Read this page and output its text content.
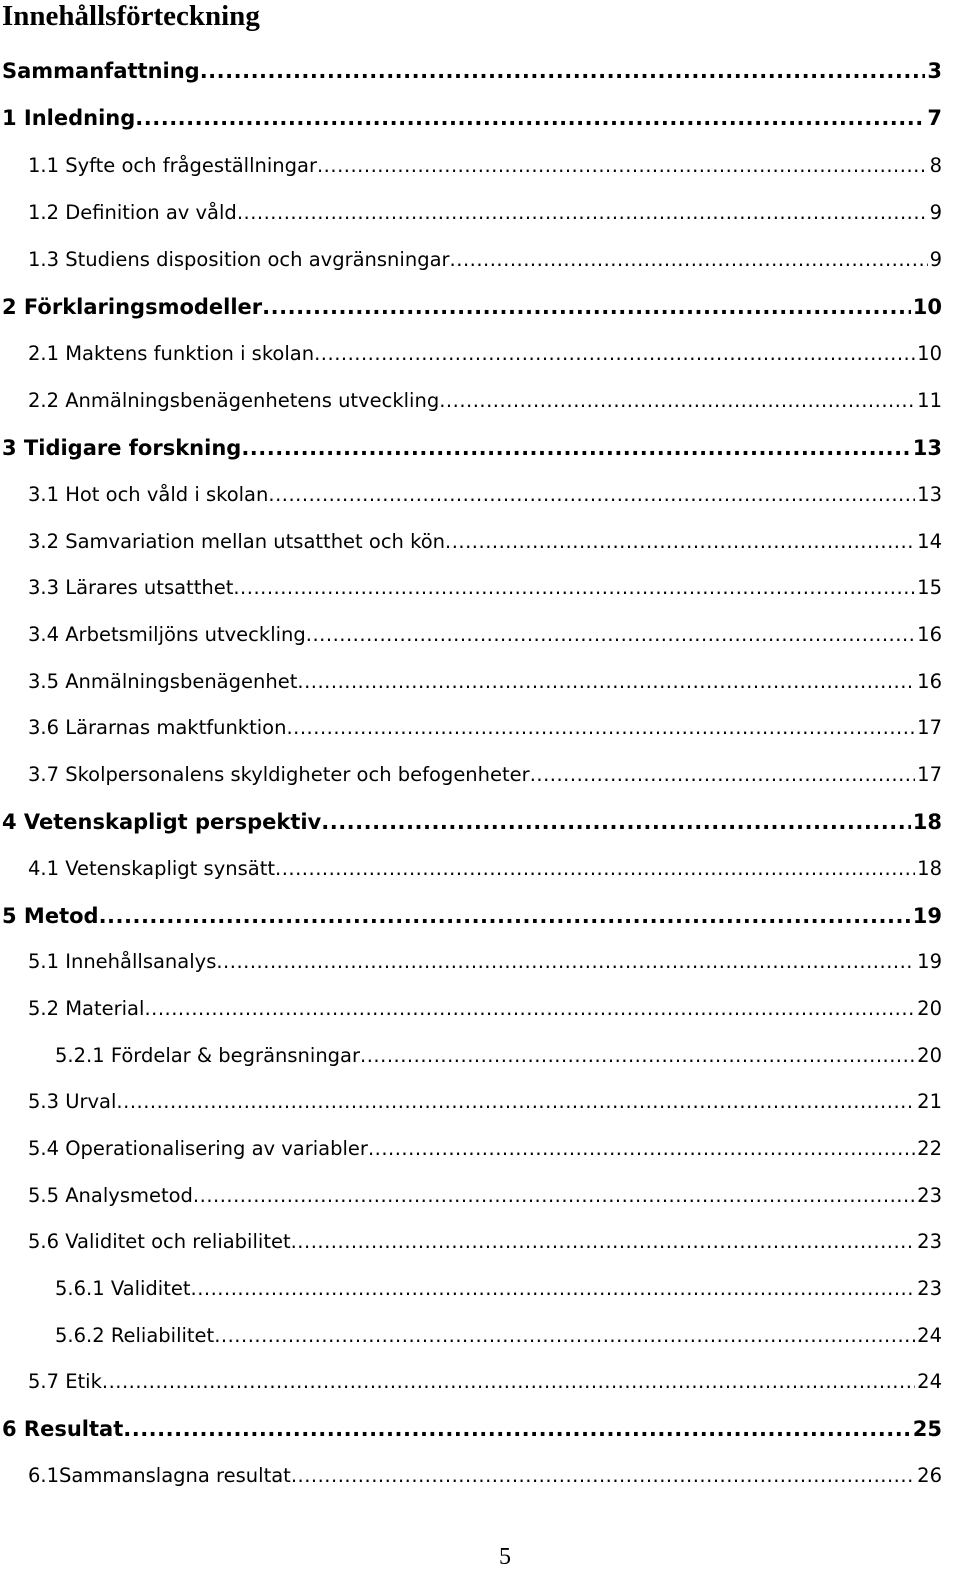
Innehållsförteckning
Sammanfattning .....	3
1 Inledning .....	7
1.1 Syfte och frågeställningar .....	8
1.2 Definition av våld .....	9
1.3 Studiens disposition och avgränsningar .....	9
2 Förklaringsmodeller .....	10
2.1 Maktens funktion i skolan .....	10
2.2 Anmälningsbenägenhetens utveckling .....	11
3 Tidigare forskning .....	13
3.1 Hot och våld i skolan .....	13
3.2 Samvariation mellan utsatthet och kön .....	14
3.3 Lärares utsatthet .....	15
3.4 Arbetsmiljöns utveckling .....	16
3.5 Anmälningsbenägenhet .....	16
3.6 Lärarnas maktfunktion .....	17
3.7 Skolpersonalens skyldigheter och befogenheter .....	17
4 Vetenskapligt perspektiv .....	18
4.1 Vetenskapligt synsätt .....	18
5 Metod .....	19
5.1 Innehållsanalys .....	19
5.2 Material .....	20
5.2.1 Fördelar & begränsningar .....	20
5.3 Urval .....	21
5.4 Operationalisering av variabler .....	22
5.5 Analysmetod .....	23
5.6 Validitet och reliabilitet .....	23
5.6.1 Validitet .....	23
5.6.2 Reliabilitet .....	24
5.7 Etik .....	24
6 Resultat .....	25
6.1Sammanslagna resultat .....	26
5
